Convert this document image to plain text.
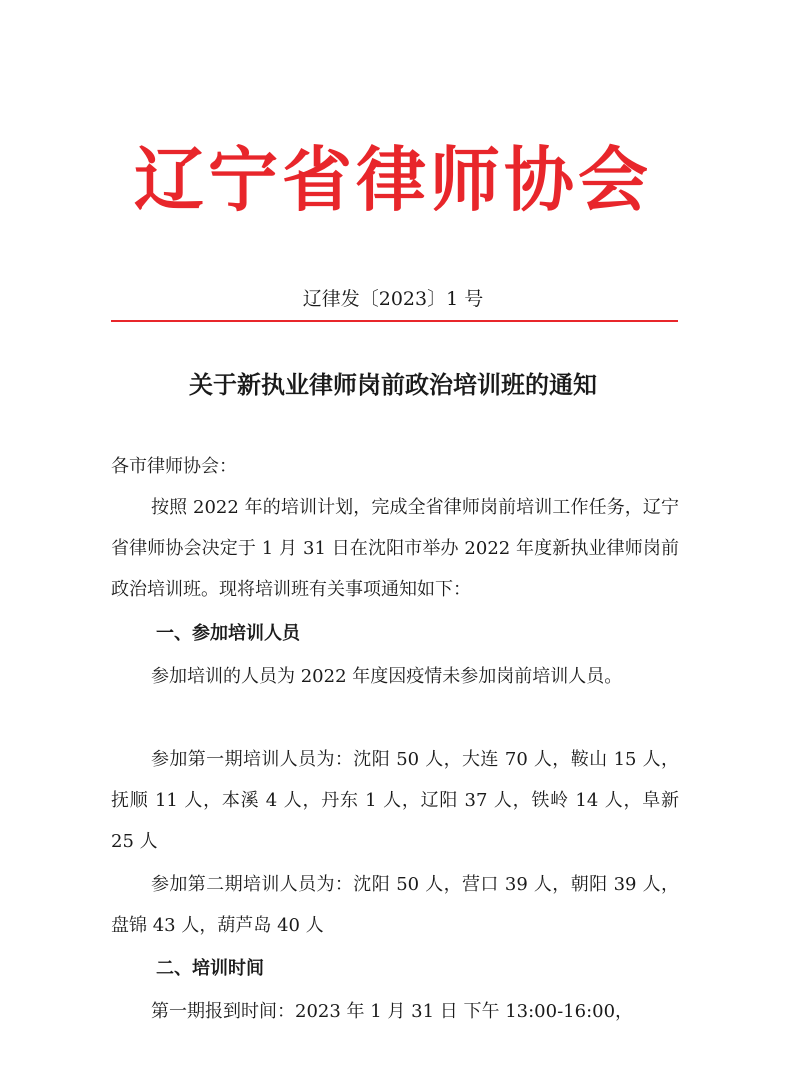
辽宁省律师协会
辽律发〔2023〕1 号
关于新执业律师岗前政治培训班的通知

各市律师协会：

按照 2022 年的培训计划，完成全省律师岗前培训工作任务，辽宁省律师协会决定于 1 月 31 日在沈阳市举办 2022 年度新执业律师岗前政治培训班。现将培训班有关事项通知如下：

一、参加培训人员

参加培训的人员为 2022 年度因疫情未参加岗前培训人员。

参加第一期培训人员为：沈阳 50 人，大连 70 人，鞍山 15 人，抚顺 11 人，本溪 4 人，丹东 1 人，辽阳 37 人，铁岭 14 人，阜新 25 人

参加第二期培训人员为：沈阳 50 人，营口 39 人，朝阳 39 人，盘锦 43 人，葫芦岛 40 人

二、培训时间

第一期报到时间：2023 年 1 月 31 日 下午 13:00-16:00，
